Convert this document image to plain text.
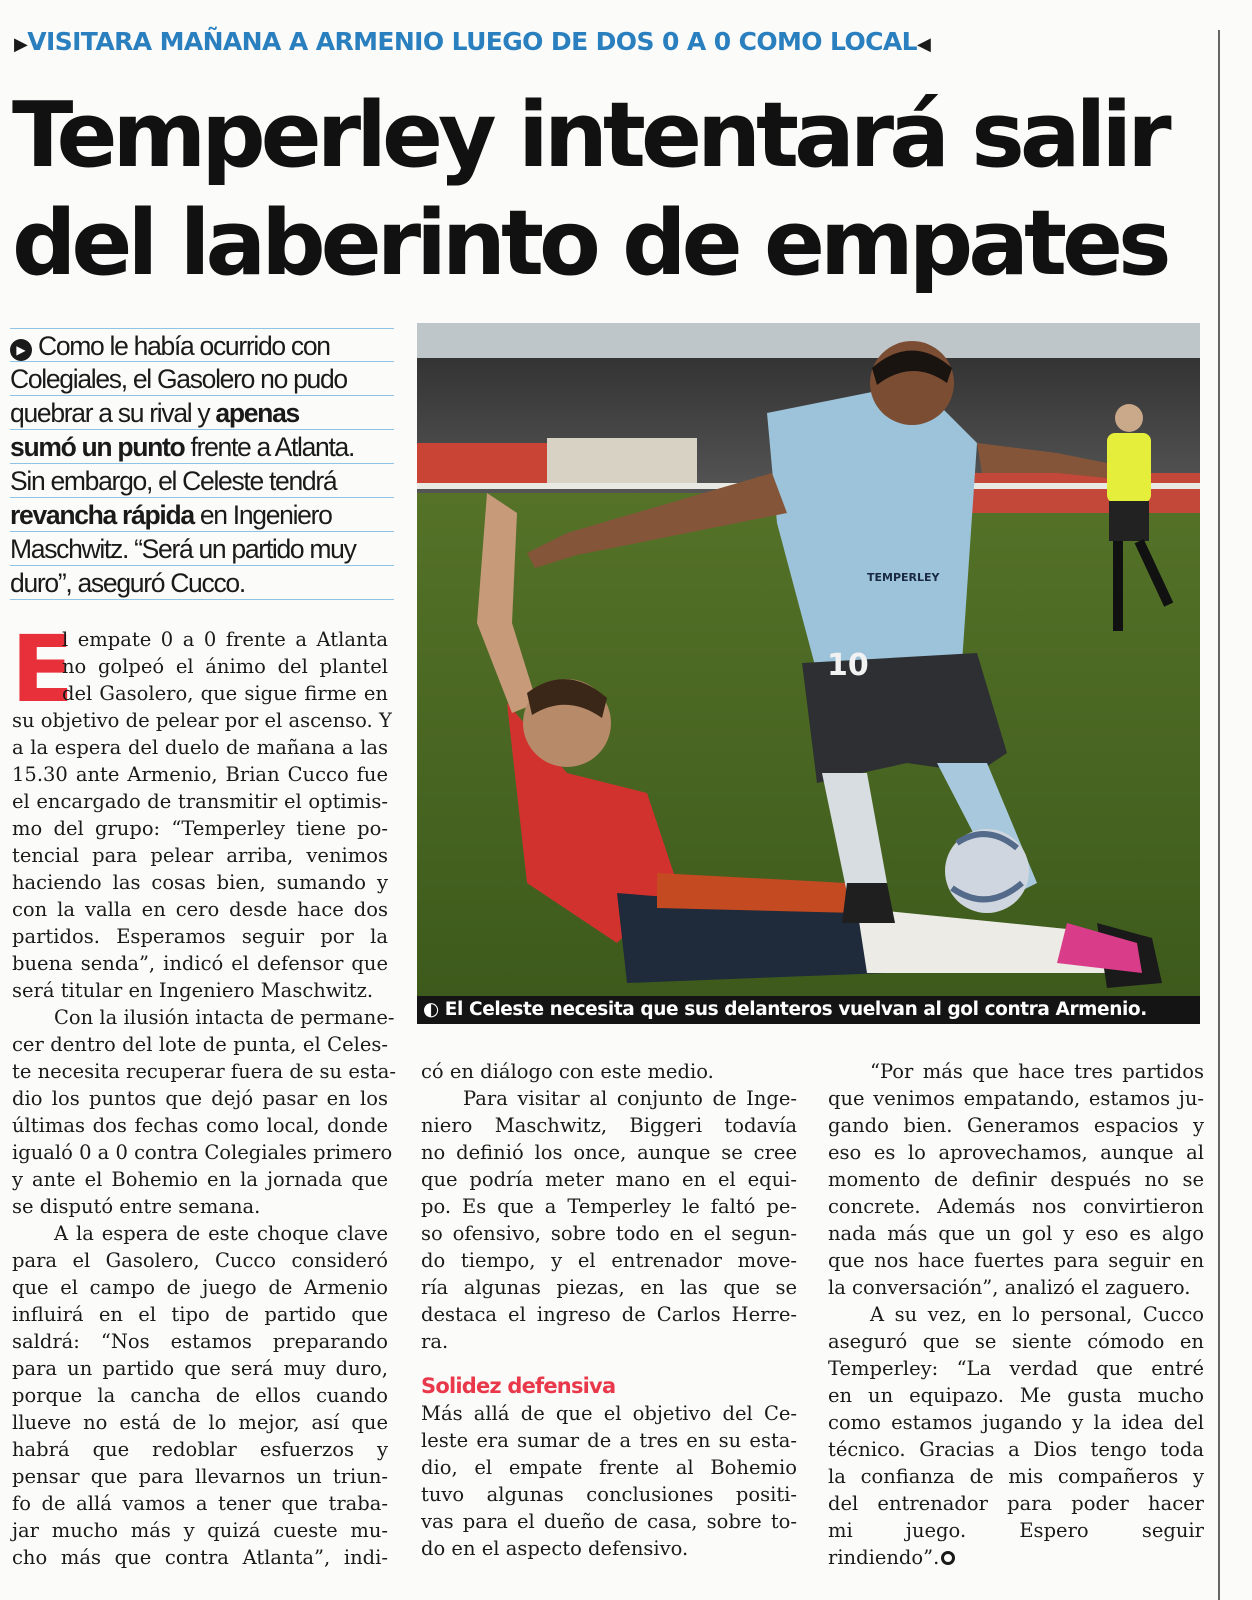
▶VISITARA MAÑANA A ARMENIO LUEGO DE DOS 0 A 0 COMO LOCAL◀
Temperley intentará salir
del laberinto de empates
▶ Como le había ocurrido con
Colegiales, el Gasolero no pudo
quebrar a su rival y apenas
sumó un punto frente a Atlanta.
Sin embargo, el Celeste tendrá
revancha rápida en Ingeniero
Maschwitz. “Será un partido muy
duro”, aseguró Cucco.
10
TEMPERLEY
◐ El Celeste necesita que sus delanteros vuelvan al gol contra Armenio.
E
l empate 0 a 0 frente a Atlanta
no golpeó el ánimo del plantel
del Gasolero, que sigue firme en
su objetivo de pelear por el ascenso. Y
a la espera del duelo de mañana a las
15.30 ante Armenio, Brian Cucco fue
el encargado de transmitir el optimis-
mo del grupo: “Temperley tiene po-
tencial para pelear arriba, venimos
haciendo las cosas bien, sumando y
con la valla en cero desde hace dos
partidos. Esperamos seguir por la
buena senda”, indicó el defensor que
será titular en Ingeniero Maschwitz.
Con la ilusión intacta de permane-
cer dentro del lote de punta, el Celes-
te necesita recuperar fuera de su esta-
dio los puntos que dejó pasar en los
últimas dos fechas como local, donde
igualó 0 a 0 contra Colegiales primero
y ante el Bohemio en la jornada que
se disputó entre semana.
A la espera de este choque clave
para el Gasolero, Cucco consideró
que el campo de juego de Armenio
influirá en el tipo de partido que
saldrá: “Nos estamos preparando
para un partido que será muy duro,
porque la cancha de ellos cuando
llueve no está de lo mejor, así que
habrá que redoblar esfuerzos y
pensar que para llevarnos un triun-
fo de allá vamos a tener que traba-
jar mucho más y quizá cueste mu-
cho más que contra Atlanta”, indi-
có en diálogo con este medio.
Para visitar al conjunto de Inge-
niero Maschwitz, Biggeri todavía
no definió los once, aunque se cree
que podría meter mano en el equi-
po. Es que a Temperley le faltó pe-
so ofensivo, sobre todo en el segun-
do tiempo, y el entrenador move-
ría algunas piezas, en las que se
destaca el ingreso de Carlos Herre-
ra.
Solidez defensiva
Más allá de que el objetivo del Ce-
leste era sumar de a tres en su esta-
dio, el empate frente al Bohemio
tuvo algunas conclusiones positi-
vas para el dueño de casa, sobre to-
do en el aspecto defensivo.
“Por más que hace tres partidos
que venimos empatando, estamos ju-
gando bien. Generamos espacios y
eso es lo aprovechamos, aunque al
momento de definir después no se
concrete. Además nos convirtieron
nada más que un gol y eso es algo
que nos hace fuertes para seguir en
la conversación”, analizó el zaguero.
A su vez, en lo personal, Cucco
aseguró que se siente cómodo en
Temperley: “La verdad que entré
en un equipazo. Me gusta mucho
como estamos jugando y la idea del
técnico. Gracias a Dios tengo toda
la confianza de mis compañeros y
del entrenador para poder hacer
mi juego. Espero seguir
rindiendo”.
